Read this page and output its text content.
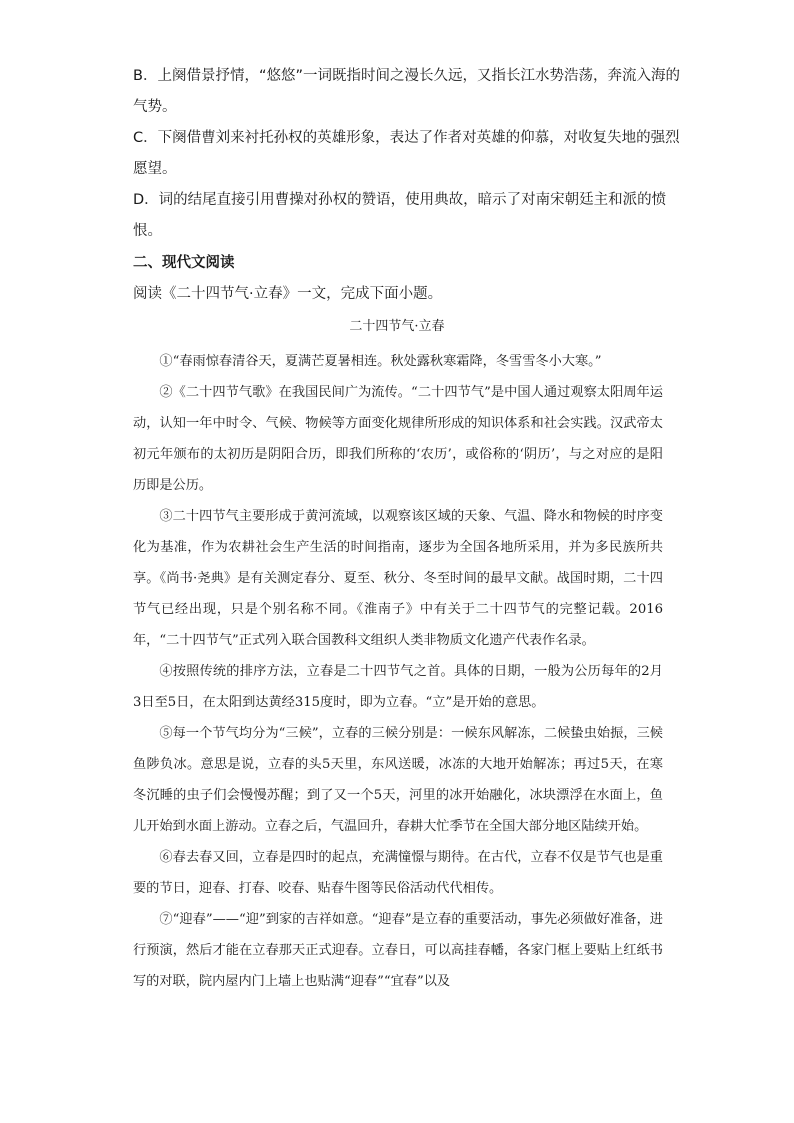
B．上阕借景抒情，“悠悠”一词既指时间之漫长久远，又指长江水势浩荡，奔流入海的
气势。
C．下阕借曹刘来衬托孙权的英雄形象，表达了作者对英雄的仰慕，对收复失地的强烈
愿望。
D．词的结尾直接引用曹操对孙权的赞语，使用典故，暗示了对南宋朝廷主和派的愤
恨。
二、现代文阅读
阅读《二十四节气·立春》一文，完成下面小题。
二十四节气·立春

①“春雨惊春清谷天，夏满芒夏暑相连。秋处露秋寒霜降，冬雪雪冬小大寒。”

②《二十四节气歌》在我国民间广为流传。“二十四节气”是中国人通过观察太阳周年运动，认知一年中时令、气候、物候等方面变化规律所形成的知识体系和社会实践。汉武帝太初元年颁布的太初历是阴阳合历，即我们所称的‘农历’，或俗称的‘阴历’，与之对应的是阳历即是公历。

③二十四节气主要形成于黄河流域，以观察该区域的天象、气温、降水和物候的时序变化为基准，作为农耕社会生产生活的时间指南，逐步为全国各地所采用，并为多民族所共享。《尚书·尧典》是有关测定春分、夏至、秋分、冬至时间的最早文献。战国时期，二十四节气已经出现，只是个别名称不同。《淮南子》中有关于二十四节气的完整记载。2016年，“二十四节气”正式列入联合国教科文组织人类非物质文化遗产代表作名录。

④按照传统的排序方法，立春是二十四节气之首。具体的日期，一般为公历每年的2月3日至5日，在太阳到达黄经315度时，即为立春。“立”是开始的意思。

⑤每一个节气均分为“三候”，立春的三候分别是：一候东风解冻，二候蛰虫始振，三候鱼陟负冰。意思是说，立春的头5天里，东风送暖，冰冻的大地开始解冻；再过5天，在寒冬沉睡的虫子们会慢慢苏醒；到了又一个5天，河里的冰开始融化，冰块漂浮在水面上，鱼儿开始到水面上游动。立春之后，气温回升，春耕大忙季节在全国大部分地区陆续开始。

⑥春去春又回，立春是四时的起点，充满憧憬与期待。在古代，立春不仅是节气也是重要的节日，迎春、打春、咬春、贴春牛图等民俗活动代代相传。

⑦“迎春”——“迎”到家的吉祥如意。“迎春”是立春的重要活动，事先必须做好准备，进行预演，然后才能在立春那天正式迎春。立春日，可以高挂春幡，各家门框上要贴上红纸书写的对联，院内屋内门上墙上也贴满“迎春”“宜春”以及
